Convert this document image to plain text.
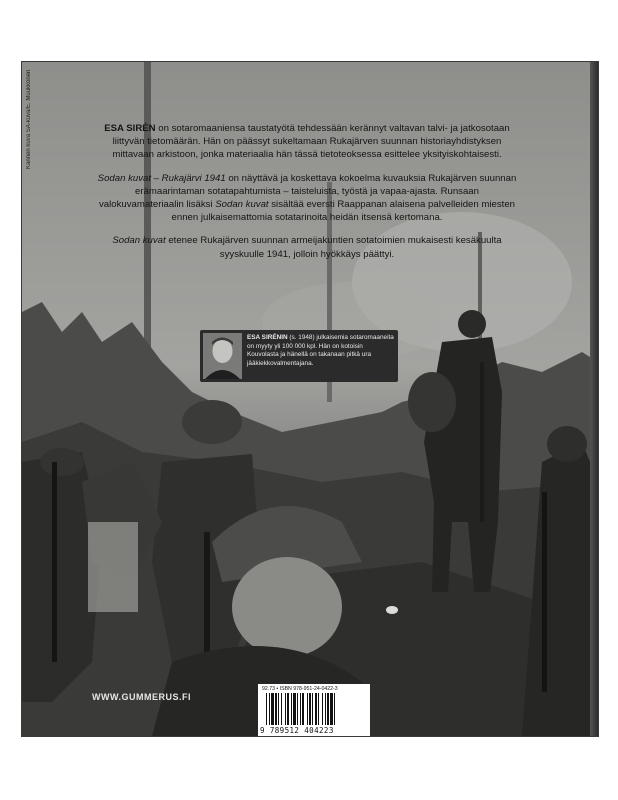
Kannen kuva SA-kuva/E. Muukkonen	ESA SIRÉN on sotaromaaniensa taustatyötä tehdessään kerännyt valtavan talvi- ja jatkosotaan liittyvän tietomäärän. Hän on päässyt sukeltamaan Rukajärven suunnan historiayhdistyksen mittavaan arkistoon, jonka materiaalia hän tässä tietoteoksessa esittelee yksityiskohtaisesti.

Sodan kuvat – Rukajärvi 1941 on näyttävä ja koskettava kokoelma kuvauksia Rukajärven suunnan erämaarintaman sotatapahtumista – taisteluista, työstä ja vapaa-ajasta. Runsaan valokuvamateriaalin lisäksi Sodan kuvat sisältää eversti Raappanan alaisena palvelleiden miesten ennen julkaisemattomia sotatarinoita heidän itsensä kertomana.

Sodan kuvat etenee Rukajärven suunnan armeijakuntien sotatoimien mukaisesti kesäkuulta syyskuulle 1941, jolloin hyökkäys päättyi.

ESA SIRÉNIN (s. 1948) julkaisemia sotaromaaneita on myyty yli 100 000 kpl. Hän on kotoisin Kouvolasta ja hänellä on takanaan pitkä ura jääkiekkovalmentajana.
WWW.GUMMERUS.FI
92.73 • ISBN 978-951-24-0422-3
9 789512 404223
